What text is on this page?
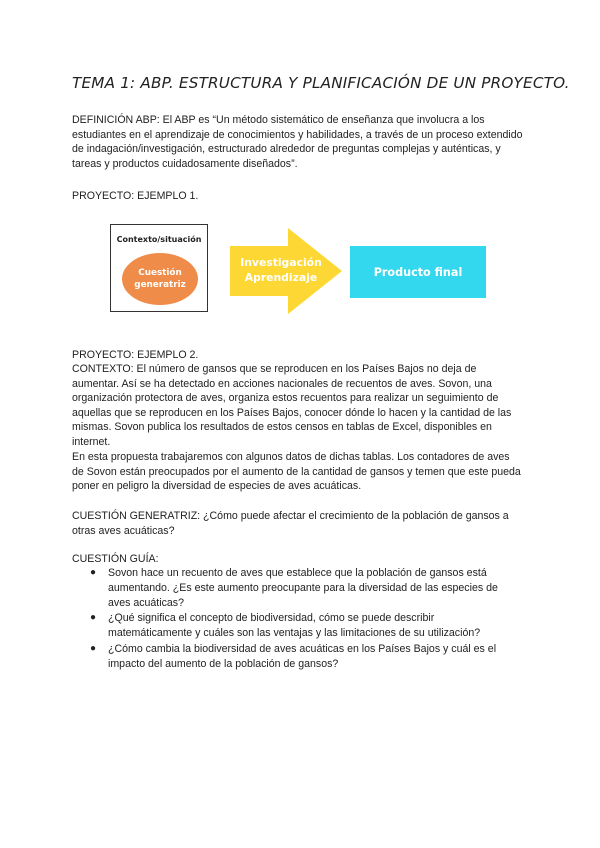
TEMA 1: ABP. ESTRUCTURA Y PLANIFICACIÓN DE UN PROYECTO.

DEFINICIÓN ABP: El ABP es “Un método sistemático de enseñanza que involucra a los estudiantes en el aprendizaje de conocimientos y habilidades, a través de un proceso extendido de indagación/investigación, estructurado alrededor de preguntas complejas y auténticas, y tareas y productos cuidadosamente diseñados”.

PROYECTO: EJEMPLO 1.

Contexto/situación
Cuestión generatriz
Investigación Aprendizaje	Producto final

PROYECTO: EJEMPLO 2.

CONTEXTO: El número de gansos que se reproducen en los Países Bajos no deja de aumentar. Así se ha detectado en acciones nacionales de recuentos de aves. Sovon, una organización protectora de aves, organiza estos recuentos para realizar un seguimiento de aquellas que se reproducen en los Países Bajos, conocer dónde lo hacen y la cantidad de las mismas. Sovon publica los resultados de estos censos en tablas de Excel, disponibles en internet.

En esta propuesta trabajaremos con algunos datos de dichas tablas. Los contadores de aves de Sovon están preocupados por el aumento de la cantidad de gansos y temen que este pueda poner en peligro la diversidad de especies de aves acuáticas.

CUESTIÓN GENERATRIZ: ¿Cómo puede afectar el crecimiento de la población de gansos a otras aves acuáticas?

CUESTIÓN GUÍA:

● Sovon hace un recuento de aves que establece que la población de gansos está aumentando. ¿Es este aumento preocupante para la diversidad de las especies de aves acuáticas?
● ¿Qué significa el concepto de biodiversidad, cómo se puede describir matemáticamente y cuáles son las ventajas y las limitaciones de su utilización?
● ¿Cómo cambia la biodiversidad de aves acuáticas en los Países Bajos y cuál es el impacto del aumento de la población de gansos?
